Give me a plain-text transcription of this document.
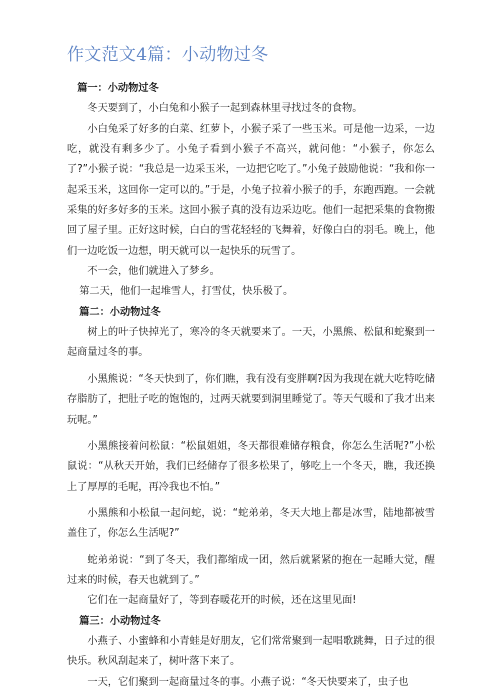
作文范文4篇：小动物过冬

篇一：小动物过冬

冬天要到了，小白兔和小猴子一起到森林里寻找过冬的食物。

小白兔采了好多的白菜、红萝卜，小猴子采了一些玉米。可是他一边采，一边吃，就没有剩多少了。小兔子看到小猴子不高兴，就问他：“小猴子，你怎么了?”小猴子说：“我总是一边采玉米，一边把它吃了。”小兔子鼓励他说：“我和你一起采玉米，这回你一定可以的。”于是，小兔子拉着小猴子的手，东跑西跑。一会就采集的好多好多的玉米。这回小猴子真的没有边采边吃。他们一起把采集的食物搬回了屋子里。正好这时候，白白的雪花轻轻的飞舞着，好像白白的羽毛。晚上，他们一边吃饭一边想，明天就可以一起快乐的玩雪了。

不一会，他们就进入了梦乡。

第二天，他们一起堆雪人，打雪仗，快乐极了。

篇二：小动物过冬

树上的叶子快掉光了，寒冷的冬天就要来了。一天，小黑熊、松鼠和蛇聚到一起商量过冬的事。

小黑熊说：“冬天快到了，你们瞧，我有没有变胖啊?因为我现在就大吃特吃储存脂肪了，把肚子吃的饱饱的，过两天就要到洞里睡觉了。等天气暖和了我才出来玩呢。”

小黑熊接着问松鼠：“松鼠姐姐，冬天都很难储存粮食，你怎么生活呢?”小松鼠说：“从秋天开始，我们已经储存了很多松果了，够吃上一个冬天，瞧，我还换上了厚厚的毛呢，再冷我也不怕。”

小黑熊和小松鼠一起问蛇，说：“蛇弟弟，冬天大地上都是冰雪，陆地都被雪盖住了，你怎么生活呢?”

蛇弟弟说：“到了冬天，我们都缩成一团，然后就紧紧的抱在一起睡大觉，醒过来的时候，春天也就到了。”

它们在一起商量好了，等到春暖花开的时候，还在这里见面!

篇三：小动物过冬

小燕子、小蜜蜂和小青蛙是好朋友，它们常常聚到一起唱歌跳舞，日子过的很快乐。秋风刮起来了，树叶落下来了。

一天，它们聚到一起商量过冬的事。小燕子说：“冬天快要来了，虫子也
